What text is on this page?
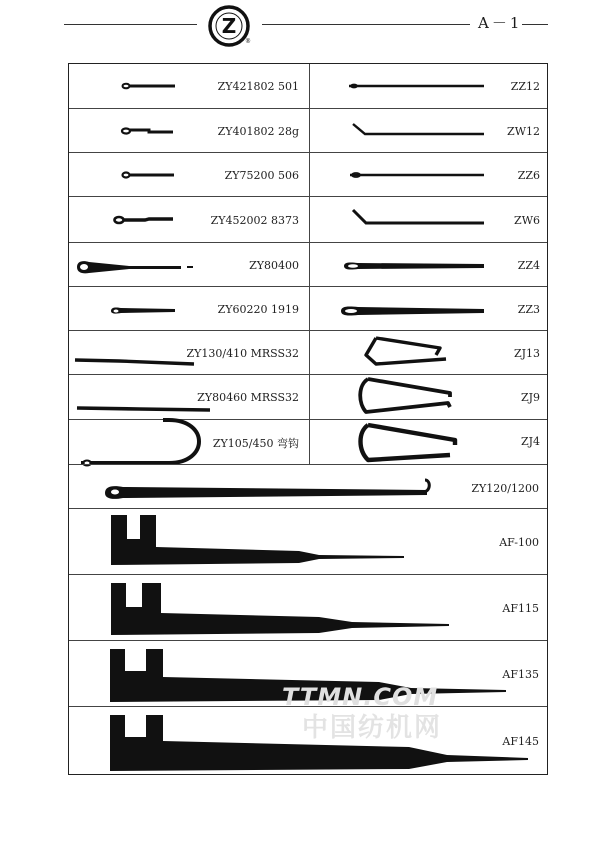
Z
®
A－1
ZY421802 501	ZZ12
ZY401802 28g	ZW12
ZY75200 506	ZZ6
ZY452002 8373	ZW6
ZY80400	ZZ4
ZY60220 1919	ZZ3
ZY130/410 MRSS32	ZJ13
ZY80460 MRSS32	ZJ9
ZY105/450 弯钩	ZJ4
ZY120/1200
AF-100
AF115
AF135
AF145
TTMN.COM
中国纺机网
